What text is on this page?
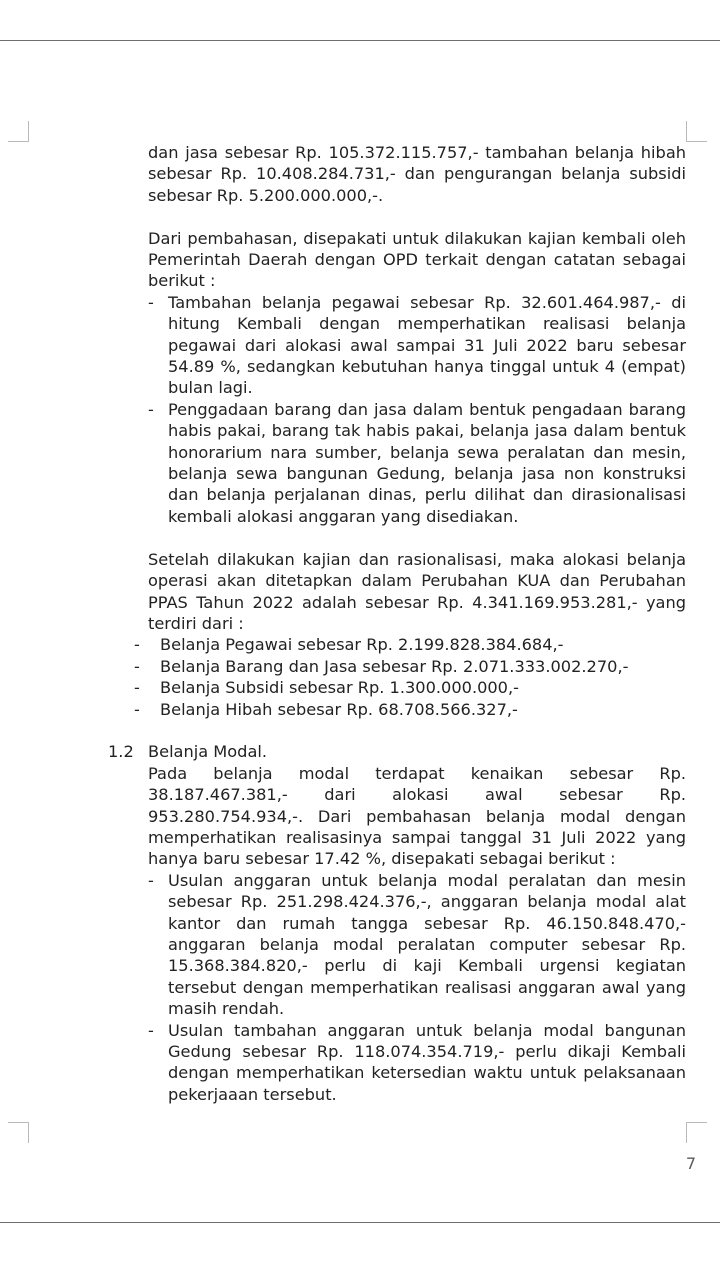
dan jasa sebesar Rp. 105.372.115.757,- tambahan belanja hibah sebesar Rp. 10.408.284.731,- dan pengurangan belanja subsidi sebesar Rp. 5.200.000.000,-.

Dari pembahasan, disepakati untuk dilakukan kajian kembali oleh Pemerintah Daerah dengan OPD terkait dengan catatan sebagai berikut :

- Tambahan belanja pegawai sebesar Rp. 32.601.464.987,- di hitung Kembali dengan memperhatikan realisasi belanja pegawai dari alokasi awal sampai 31 Juli 2022 baru sebesar 54.89 %, sedangkan kebutuhan hanya tinggal untuk 4 (empat) bulan lagi.
- Penggadaan barang dan jasa dalam bentuk pengadaan barang habis pakai, barang tak habis pakai, belanja jasa dalam bentuk honorarium nara sumber, belanja sewa peralatan dan mesin, belanja sewa bangunan Gedung, belanja jasa non konstruksi dan belanja perjalanan dinas, perlu dilihat dan dirasionalisasi kembali alokasi anggaran yang disediakan.

Setelah dilakukan kajian dan rasionalisasi, maka alokasi belanja operasi akan ditetapkan dalam Perubahan KUA dan Perubahan PPAS Tahun 2022 adalah sebesar Rp. 4.341.169.953.281,- yang terdiri dari :

- Belanja Pegawai sebesar Rp. 2.199.828.384.684,-
- Belanja Barang dan Jasa sebesar Rp. 2.071.333.002.270,-
- Belanja Subsidi sebesar Rp. 1.300.000.000,-
- Belanja Hibah sebesar Rp. 68.708.566.327,-

1.2 Belanja Modal.

Pada belanja modal terdapat kenaikan sebesar Rp. 38.187.467.381,- dari alokasi awal sebesar Rp. 953.280.754.934,-. Dari pembahasan belanja modal dengan memperhatikan realisasinya sampai tanggal 31 Juli 2022 yang hanya baru sebesar 17.42 %, disepakati sebagai berikut :

- Usulan anggaran untuk belanja modal peralatan dan mesin sebesar Rp. 251.298.424.376,-, anggaran belanja modal alat kantor dan rumah tangga sebesar Rp. 46.150.848.470,- anggaran belanja modal peralatan computer sebesar Rp. 15.368.384.820,- perlu di kaji Kembali urgensi kegiatan tersebut dengan memperhatikan realisasi anggaran awal yang masih rendah.
- Usulan tambahan anggaran untuk belanja modal bangunan Gedung sebesar Rp. 118.074.354.719,- perlu dikaji Kembali dengan memperhatikan ketersedian waktu untuk pelaksanaan pekerjaaan tersebut.
7
